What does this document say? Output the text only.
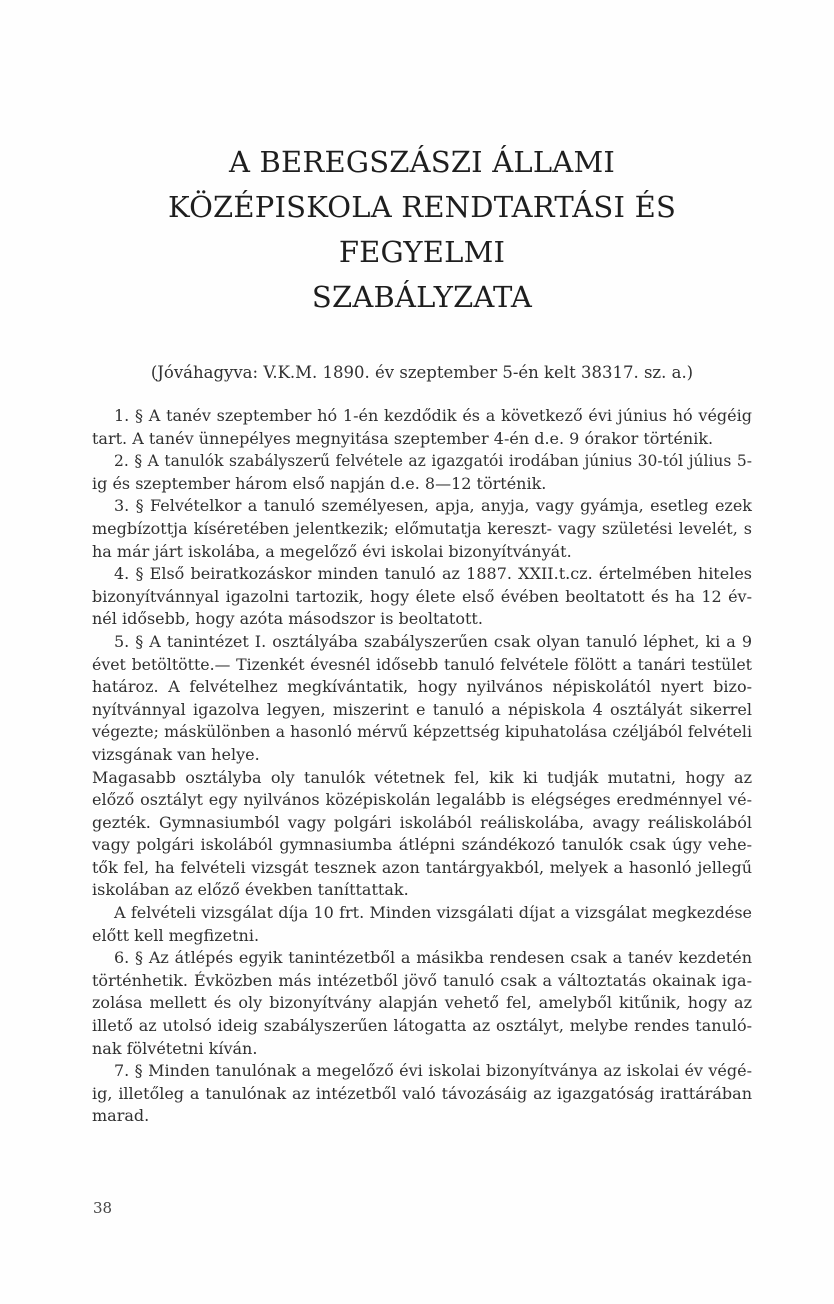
A BEREGSZÁSZI ÁLLAMI
KÖZÉPISKOLA RENDTARTÁSI ÉS FEGYELMI
SZABÁLYZATA

(Jóváhagyva: V.K.M. 1890. év szeptember 5-én kelt 38317. sz. a.)

1. § A tanév szeptember hó 1-én kezdődik és a következő évi június hó végéig
tart. A tanév ünnepélyes megnyitása szeptember 4-én d.e. 9 órakor történik.

2. § A tanulók szabályszerű felvétele az igazgatói irodában június 30-tól július 5-
ig és szeptember három első napján d.e. 8—12 történik.

3. § Felvételkor a tanuló személyesen, apja, anyja, vagy gyámja, esetleg ezek
megbízottja kíséretében jelentkezik; előmutatja kereszt- vagy születési levelét, s
ha már járt iskolába, a megelőző évi iskolai bizonyítványát.

4. § Első beiratkozáskor minden tanuló az 1887. XXII.t.cz. értelmében hiteles
bizonyítvánnyal igazolni tartozik, hogy élete első évében beoltatott és ha 12 év-
nél idősebb, hogy azóta másodszor is beoltatott.

5. § A tanintézet I. osztályába szabályszerűen csak olyan tanuló léphet, ki a 9
évet betöltötte.— Tizenkét évesnél idősebb tanuló felvétele fölött a tanári testület
határoz. A felvételhez megkívántatik, hogy nyilvános népiskolától nyert bizo-
nyítvánnyal igazolva legyen, miszerint e tanuló a népiskola 4 osztályát sikerrel
végezte; máskülönben a hasonló mérvű képzettség kipuhatolása czéljából felvételi
vizsgának van helye.

Magasabb osztályba oly tanulók vétetnek fel, kik ki tudják mutatni, hogy az
előző osztályt egy nyilvános középiskolán legalább is elégséges eredménnyel vé-
gezték. Gymnasiumból vagy polgári iskolából reáliskolába, avagy reáliskolából
vagy polgári iskolából gymnasiumba átlépni szándékozó tanulók csak úgy vehe-
tők fel, ha felvételi vizsgát tesznek azon tantárgyakból, melyek a hasonló jellegű
iskolában az előző években taníttattak.

A felvételi vizsgálat díja 10 frt. Minden vizsgálati díjat a vizsgálat megkezdése
előtt kell megfizetni.

6. § Az átlépés egyik tanintézetből a másikba rendesen csak a tanév kezdetén
történhetik. Évközben más intézetből jövő tanuló csak a változtatás okainak iga-
zolása mellett és oly bizonyítvány alapján vehető fel, amelyből kitűnik, hogy az
illető az utolsó ideig szabályszerűen látogatta az osztályt, melybe rendes tanuló-
nak fölvétetni kíván.

7. § Minden tanulónak a megelőző évi iskolai bizonyítványa az iskolai év végé-
ig, illetőleg a tanulónak az intézetből való távozásáig az igazgatóság irattárában
marad.

38
